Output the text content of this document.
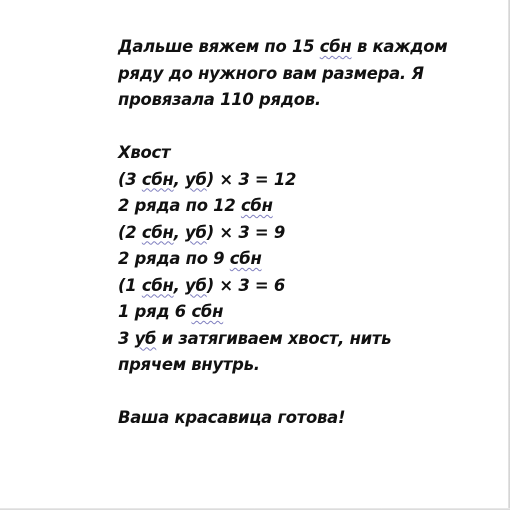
Дальше вяжем по 15 сбн в каждом
ряду до нужного вам размера. Я
провязала 110 рядов.
Хвост
(3 сбн, уб) × 3 = 12
2 ряда по 12 сбн
(2 сбн, уб) × 3 = 9
2 ряда по 9 сбн
(1 сбн, уб) × 3 = 6
1 ряд 6 сбн
3 уб и затягиваем хвост, нить
прячем внутрь.
Ваша красавица готова!
